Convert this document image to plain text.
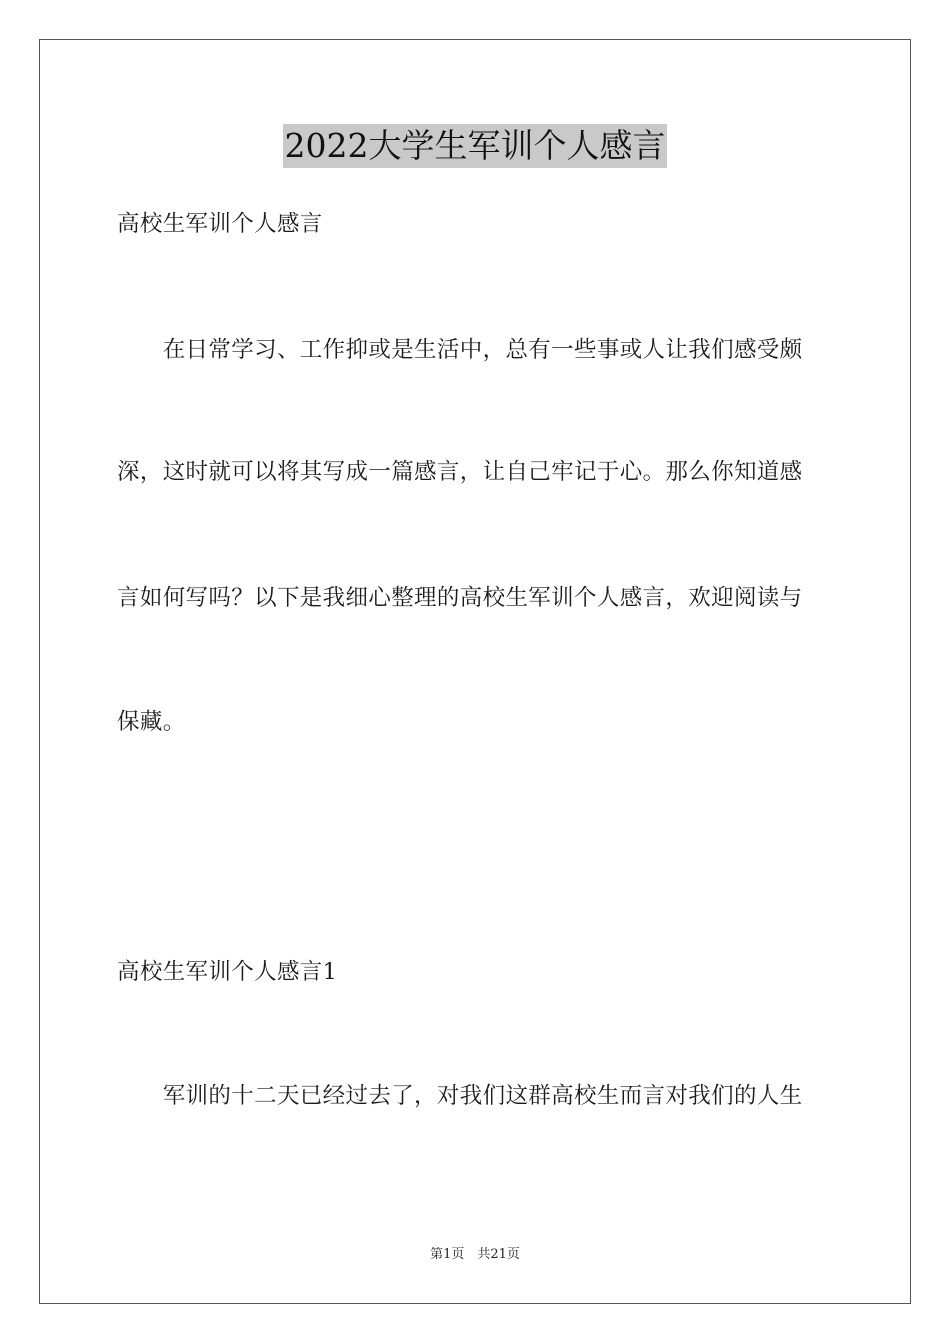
2022大学生军训个人感言
高校生军训个人感言
　　在日常学习、工作抑或是生活中，总有一些事或人让我们感受颇
深，这时就可以将其写成一篇感言，让自己牢记于心。那么你知道感
言如何写吗？以下是我细心整理的高校生军训个人感言，欢迎阅读与
保藏。
高校生军训个人感言1
　　军训的十二天已经过去了，对我们这群高校生而言对我们的人生
第1页　共21页
